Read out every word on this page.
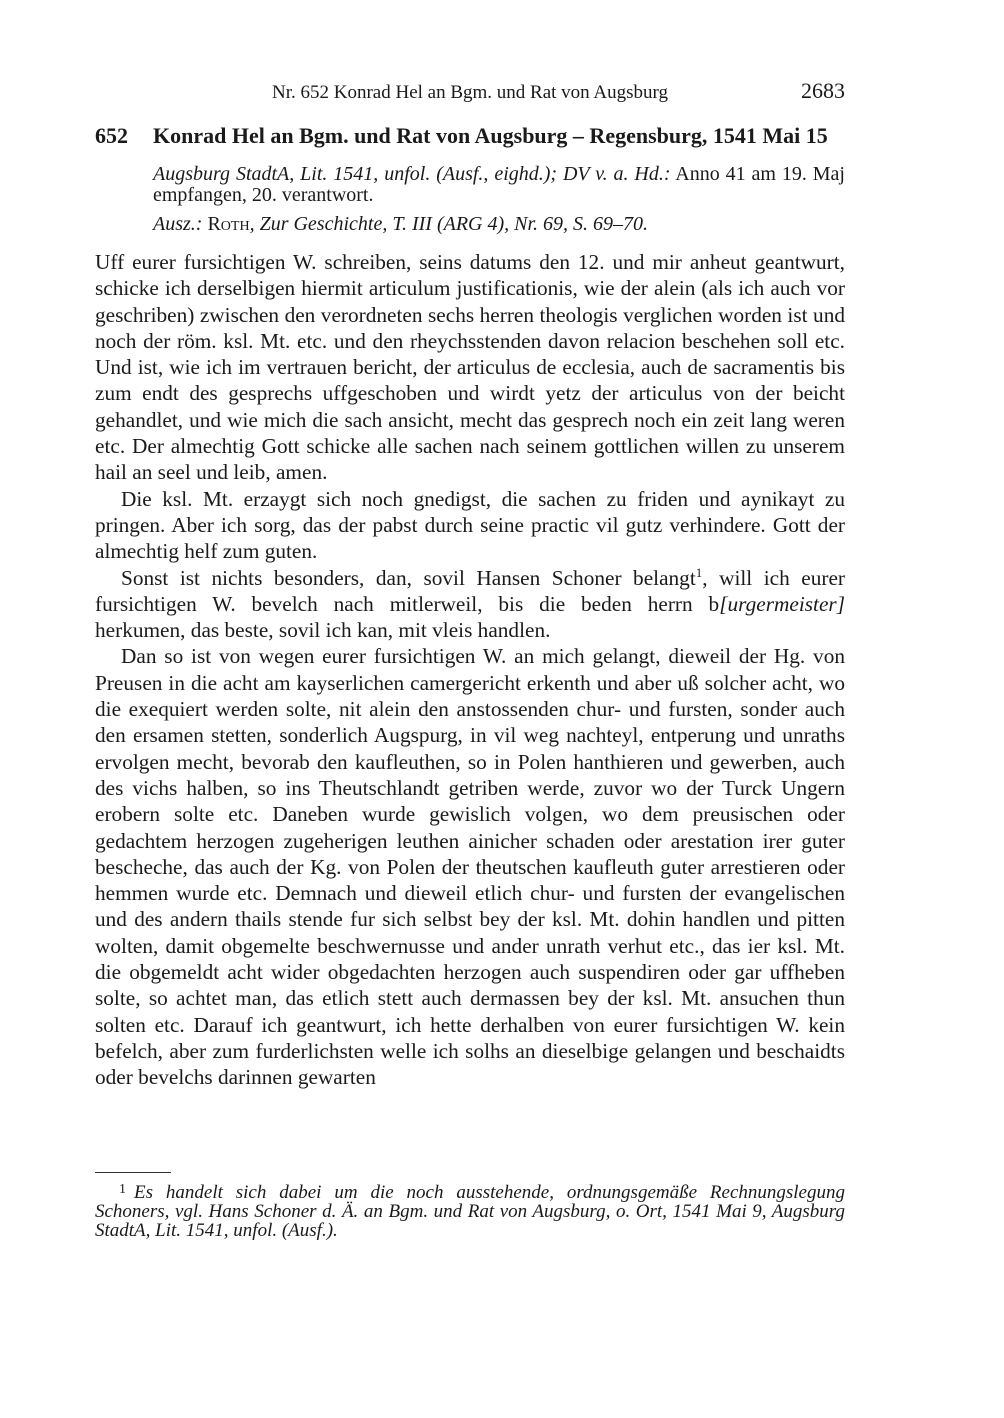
Nr. 652 Konrad Hel an Bgm. und Rat von Augsburg	2683
652	Konrad Hel an Bgm. und Rat von Augsburg – Regensburg, 1541 Mai 15
Augsburg StadtA, Lit. 1541, unfol. (Ausf., eighd.); DV v. a. Hd.: Anno 41 am 19. Maj empfangen, 20. verantwort.
Ausz.: Roth, Zur Geschichte, T. III (ARG 4), Nr. 69, S. 69–70.

Uff eurer fursichtigen W. schreiben, seins datums den 12. und mir anheut geantwurt, schicke ich derselbigen hiermit articulum justificationis, wie der alein (als ich auch vor geschriben) zwischen den verordneten sechs herren theologis verglichen worden ist und noch der röm. ksl. Mt. etc. und den rheychsstenden davon relacion beschehen soll etc. Und ist, wie ich im vertrauen bericht, der articulus de ecclesia, auch de sacramentis bis zum endt des gesprechs uffgeschoben und wirdt yetz der articulus von der beicht gehandlet, und wie mich die sach ansicht, mecht das gesprech noch ein zeit lang weren etc. Der almechtig Gott schicke alle sachen nach seinem gottlichen willen zu unserem hail an seel und leib, amen.

Die ksl. Mt. erzaygt sich noch gnedigst, die sachen zu friden und aynikayt zu pringen. Aber ich sorg, das der pabst durch seine practic vil gutz verhindere. Gott der almechtig helf zum guten.

Sonst ist nichts besonders, dan, sovil Hansen Schoner belangt$^1$, will ich eurer fursichtigen W. bevelch nach mitlerweil, bis die beden herrn b[urgermeister] herkumen, das beste, sovil ich kan, mit vleis handlen.

Dan so ist von wegen eurer fursichtigen W. an mich gelangt, dieweil der Hg. von Preusen in die acht am kayserlichen camergericht erkenth und aber uß solcher acht, wo die exequiert werden solte, nit alein den anstossenden chur- und fursten, sonder auch den ersamen stetten, sonderlich Augspurg, in vil weg nachteyl, entperung und unraths ervolgen mecht, bevorab den kaufleuthen, so in Polen hanthieren und gewerben, auch des vichs halben, so ins Theutschlandt getriben werde, zuvor wo der Turck Ungern erobern solte etc. Daneben wurde gewislich volgen, wo dem preusischen oder gedachtem herzogen zugeherigen leuthen ainicher schaden oder arestation irer guter bescheche, das auch der Kg. von Polen der theutschen kaufleuth guter arrestieren oder hemmen wurde etc. Demnach und dieweil etlich chur- und fursten der evangelischen und des andern thails stende fur sich selbst bey der ksl. Mt. dohin handlen und pitten wolten, damit obgemelte beschwernusse und ander unrath verhut etc., das ier ksl. Mt. die obgemeldt acht wider obgedachten herzogen auch suspendiren oder gar uffheben solte, so achtet man, das etlich stett auch dermassen bey der ksl. Mt. ansuchen thun solten etc. Darauf ich geantwurt, ich hette derhalben von eurer fursichtigen W. kein befelch, aber zum furderlichsten welle ich solhs an dieselbige gelangen und beschaidts oder bevelchs darinnen gewarten

$^1$ Es handelt sich dabei um die noch ausstehende, ordnungsgemäße Rechnungslegung Schoners, vgl. Hans Schoner d. Ä. an Bgm. und Rat von Augsburg, o. Ort, 1541 Mai 9, Augsburg StadtA, Lit. 1541, unfol. (Ausf.).
